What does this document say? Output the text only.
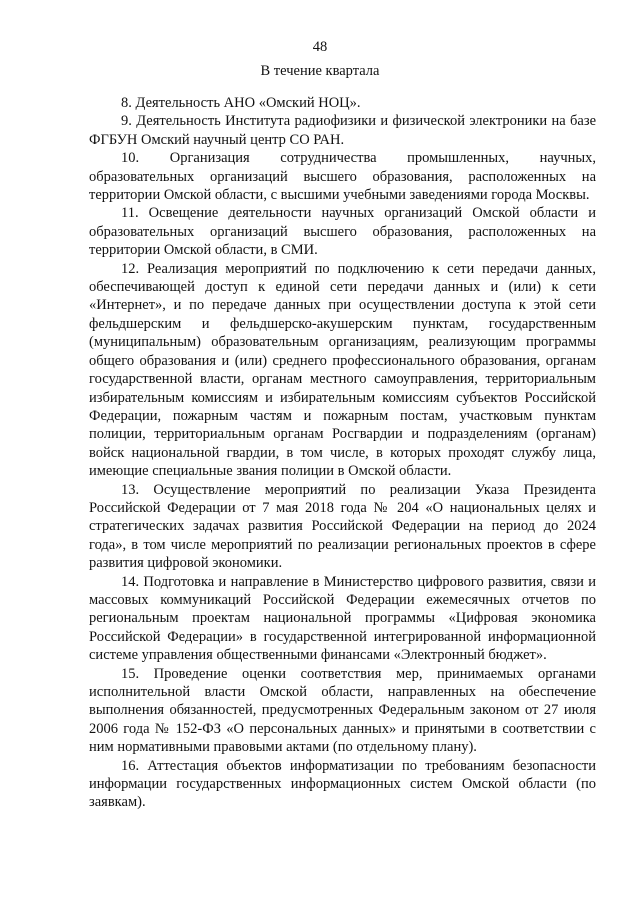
48
В течение квартала

8. Деятельность АНО «Омский НОЦ».

9. Деятельность Института радиофизики и физической электроники на базе ФГБУН Омский научный центр СО РАН.

10. Организация сотрудничества промышленных, научных, образовательных организаций высшего образования, расположенных на территории Омской области, с высшими учебными заведениями города Москвы.

11. Освещение деятельности научных организаций Омской области и образовательных организаций высшего образования, расположенных на территории Омской области, в СМИ.

12. Реализация мероприятий по подключению к сети передачи данных, обеспечивающей доступ к единой сети передачи данных и (или) к сети «Интернет», и по передаче данных при осуществлении доступа к этой сети фельдшерским и фельдшерско-акушерским пунктам, государственным (муниципальным) образовательным организациям, реализующим программы общего образования и (или) среднего профессионального образования, органам государственной власти, органам местного самоуправления, территориальным избирательным комиссиям и избирательным комиссиям субъектов Российской Федерации, пожарным частям и пожарным постам, участковым пунктам полиции, территориальным органам Росгвардии и подразделениям (органам) войск национальной гвардии, в том числе, в которых проходят службу лица, имеющие специальные звания полиции в Омской области.

13. Осуществление мероприятий по реализации Указа Президента Российской Федерации от 7 мая 2018 года № 204 «О национальных целях и стратегических задачах развития Российской Федерации на период до 2024 года», в том числе мероприятий по реализации региональных проектов в сфере развития цифровой экономики.

14. Подготовка и направление в Министерство цифрового развития, связи и массовых коммуникаций Российской Федерации ежемесячных отчетов по региональным проектам национальной программы «Цифровая экономика Российской Федерации» в государственной интегрированной информационной системе управления общественными финансами «Электронный бюджет».

15. Проведение оценки соответствия мер, принимаемых органами исполнительной власти Омской области, направленных на обеспечение выполнения обязанностей, предусмотренных Федеральным законом от 27 июля 2006 года № 152-ФЗ «О персональных данных» и принятыми в соответствии с ним нормативными правовыми актами (по отдельному плану).

16. Аттестация объектов информатизации по требованиям безопасности информации государственных информационных систем Омской области (по заявкам).
